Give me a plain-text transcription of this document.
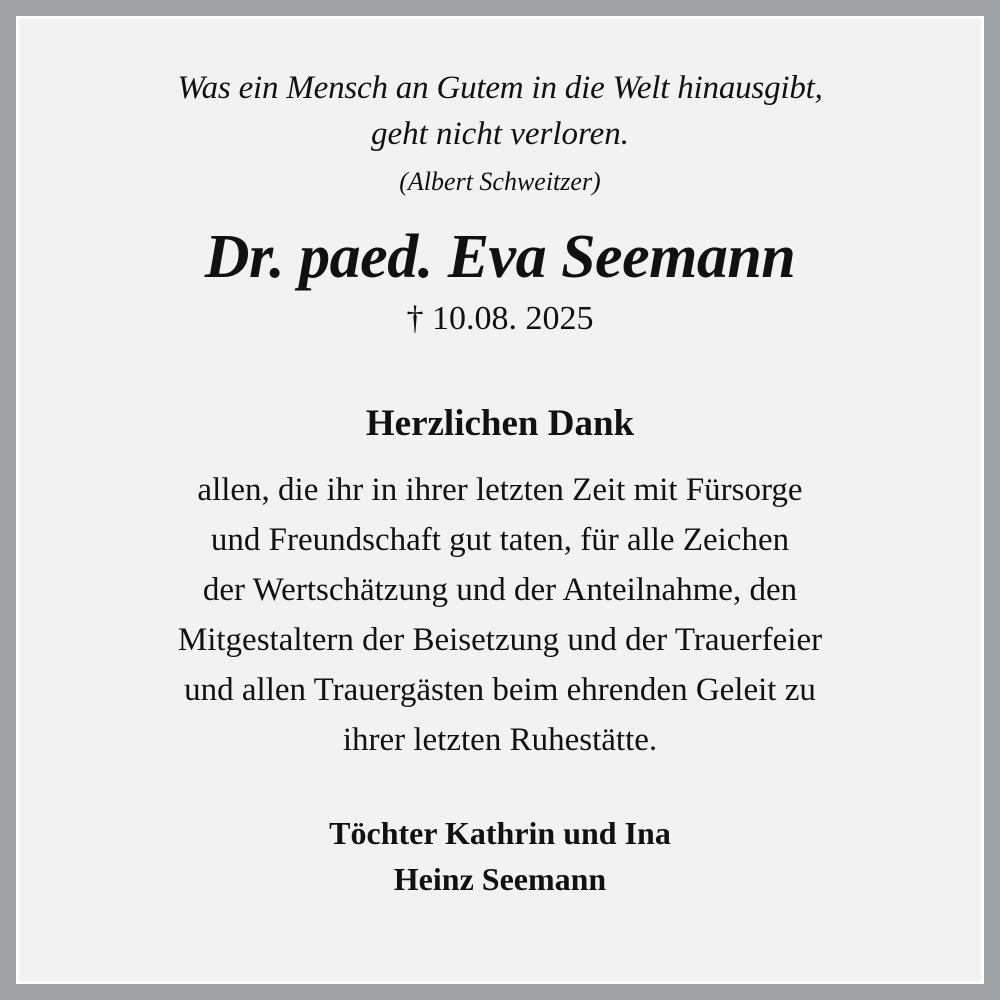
Was ein Mensch an Gutem in die Welt hinausgibt,

geht nicht verloren.

(Albert Schweitzer)

Dr. paed. Eva Seemann

† 10.08. 2025

Herzlichen Dank
allen, die ihr in ihrer letzten Zeit mit Fürsorge
und Freundschaft gut taten, für alle Zeichen
der Wertschätzung und der Anteilnahme, den
Mitgestaltern der Beisetzung und der Trauerfeier
und allen Trauergästen beim ehrenden Geleit zu
ihrer letzten Ruhestätte.
Töchter Kathrin und Ina
Heinz Seemann
